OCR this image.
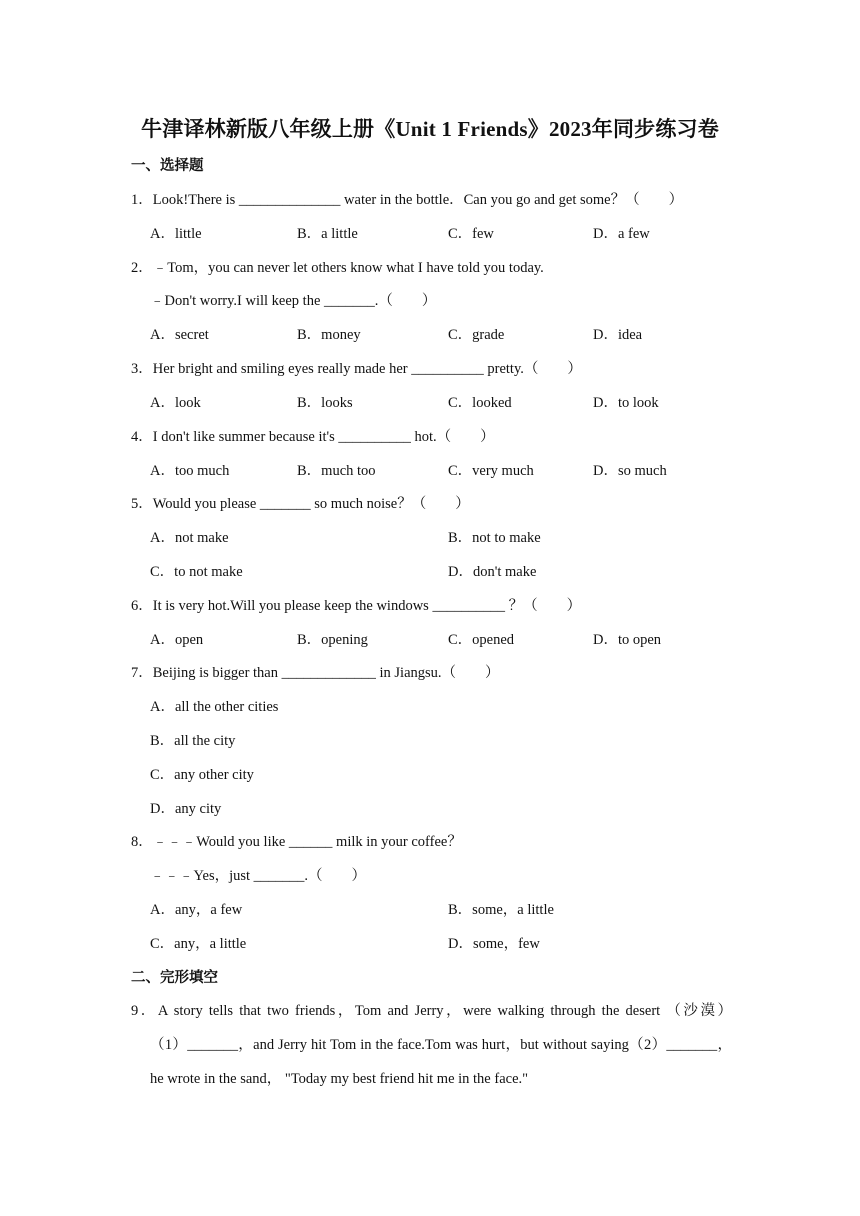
牛津译林新版八年级上册《Unit 1 Friends》2023年同步练习卷
一、选择题
1．Look!There is ______________ water in the bottle．Can you go and get some？（　　）
A．little	B．a little	C．few	D．a few
2．﹣Tom，you can never let others know what I have told you today.
﹣Don't worry.I will keep the _______.（　　）
A．secret	B．money	C．grade	D．idea
3．Her bright and smiling eyes really made her __________ pretty.（　　）
A．look	B．looks	C．looked	D．to look
4．I don't like summer because it's __________ hot.（　　）
A．too much	B．much too	C．very much	D．so much
5．Would you please _______ so much noise？（　　）
A．not make	B．not to make
C．to not make	D．don't make
6．It is very hot.Will you please keep the windows __________ ？（　　）
A．open	B．opening	C．opened	D．to open
7．Beijing is bigger than _____________ in Jiangsu.（　　）
A．all the other cities
B．all the city
C．any other city
D．any city
8．﹣﹣﹣Would you like ______ milk in your coffee？
﹣﹣﹣Yes，just _______.（　　）
A．any，a few	B．some，a little
C．any，a little	D．some，few
二、完形填空
9．A story tells that two friends，Tom and Jerry，were walking through the desert （沙漠）
（1）_______，and Jerry hit Tom in the face.Tom was hurt，but without saying（2）_______，
he wrote in the sand， "Today my best friend hit me in the face."
